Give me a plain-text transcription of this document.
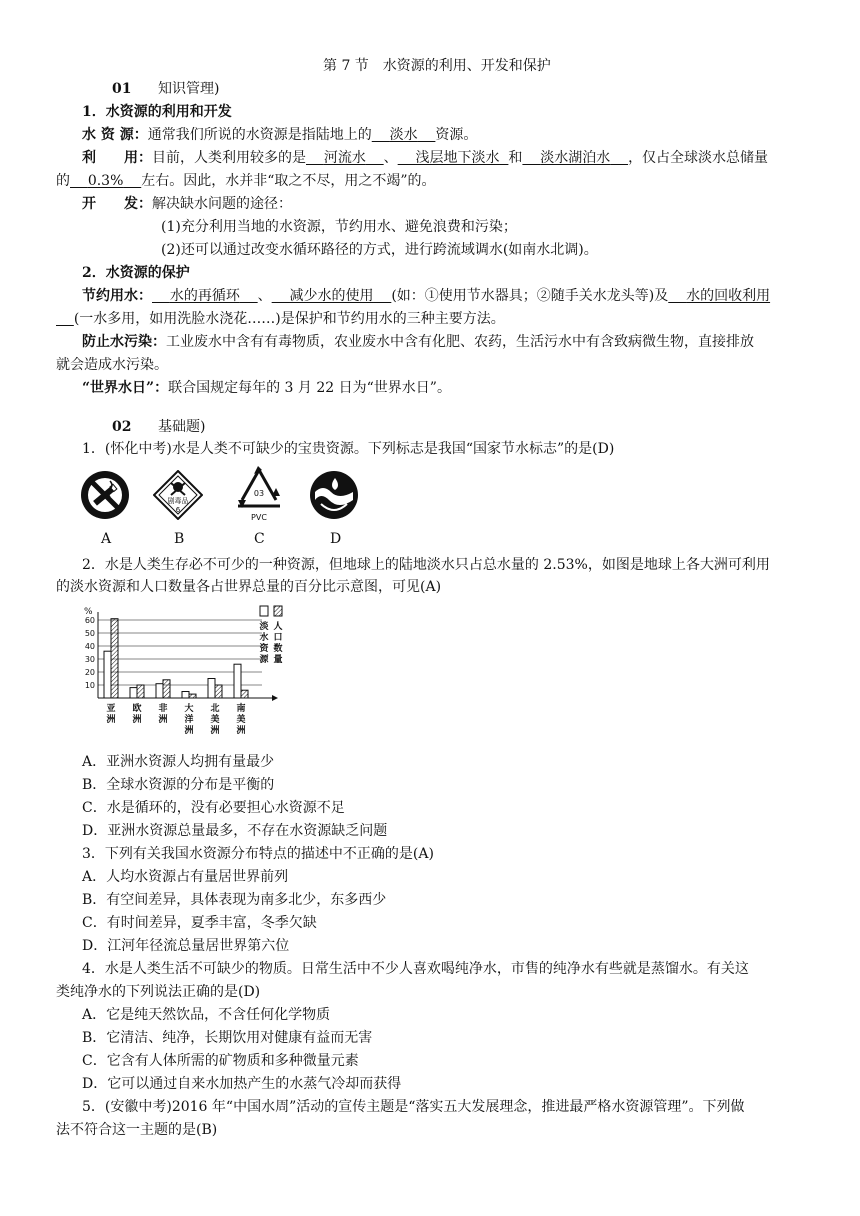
第 7 节　水资源的利用、开发和保护
01 知识管理)
1．水资源的利用和开发
水 资 源：通常我们所说的水资源是指陆地上的   淡水   资源。
利　　用：目前，人类利用较多的是   河流水   、   浅层地下淡水  和   淡水湖泊水   ，仅占全球淡水总储量
的   0.3%   左右。因此，水并非“取之不尽，用之不竭”的。
开　　发：解决缺水问题的途径：
(1)充分利用当地的水资源，节约用水、避免浪费和污染；
(2)还可以通过改变水循环路径的方式，进行跨流域调水(如南水北调)。
2．水资源的保护
节约用水：   水的再循环   、   减少水的使用   (如：①使用节水器具；②随手关水龙头等)及   水的回收利用
  (一水多用，如用洗脸水浇花……)是保护和节约用水的三种主要方法。
防止水污染：工业废水中含有有毒物质，农业废水中含有化肥、农药，生活污水中有含致病微生物，直接排放
就会造成水污染。
“世界水日”：联合国规定每年的 3 月 22 日为“世界水日”。
02 基础题)
1．(怀化中考)水是人类不可缺少的宝贵资源。下列标志是我国“国家节水标志”的是(D)
剧毒品
6
03
PVC
A	B	C	D
2．水是人类生存必不可少的一种资源，但地球上的陆地淡水只占总水量的 2.53%，如图是地球上各大洲可利用
的淡水资源和人口数量各占世界总量的百分比示意图，可见(A)
%
10
20
30
40
50
60
亚
洲
欧
洲
非
洲
大
洋
洲
北
美
洲
南
美
洲
淡
水
资
源
人
口
数
量
A．亚洲水资源人均拥有量最少
B．全球水资源的分布是平衡的
C．水是循环的，没有必要担心水资源不足
D．亚洲水资源总量最多，不存在水资源缺乏问题
3．下列有关我国水资源分布特点的描述中不正确的是(A)
A．人均水资源占有量居世界前列
B．有空间差异，具体表现为南多北少，东多西少
C．有时间差异，夏季丰富，冬季欠缺
D．江河年径流总量居世界第六位
4．水是人类生活不可缺少的物质。日常生活中不少人喜欢喝纯净水，市售的纯净水有些就是蒸馏水。有关这
类纯净水的下列说法正确的是(D)
A．它是纯天然饮品，不含任何化学物质
B．它清洁、纯净，长期饮用对健康有益而无害
C．它含有人体所需的矿物质和多种微量元素
D．它可以通过自来水加热产生的水蒸气冷却而获得
5．(安徽中考)2016 年“中国水周”活动的宣传主题是“落实五大发展理念，推进最严格水资源管理”。下列做
法不符合这一主题的是(B)
